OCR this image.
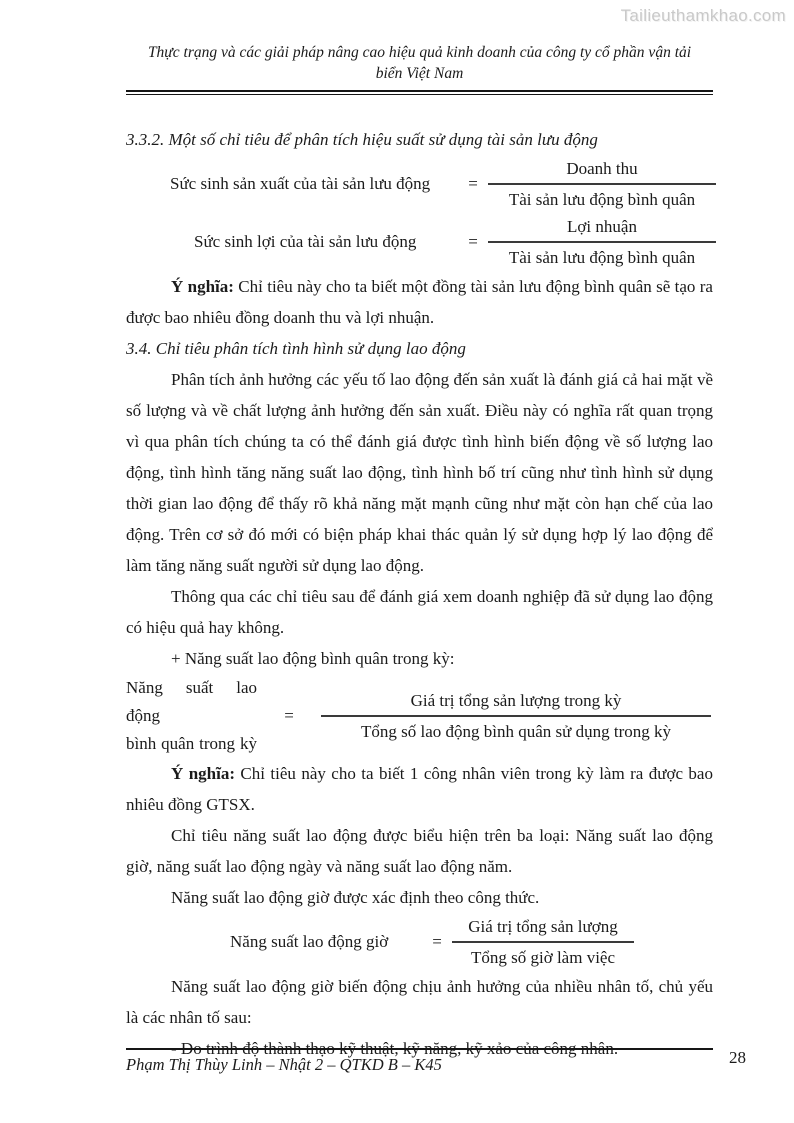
Tailieuthamkhao.com
Thực trạng và các giải pháp nâng cao hiệu quả kinh doanh của công ty cổ phần vận tải
biển Việt Nam
3.3.2. Một số chỉ tiêu để phân tích hiệu suất sử dụng tài sản lưu động
Sức sinh sản xuất của tài sản lưu động	= $\frac{\text{Doanh thu}}{\text{Tài sản lưu động bình quân}}$
Sức sinh lợi của tài sản lưu động	= $\frac{\text{Lợi nhuận}}{\text{Tài sản lưu động bình quân}}$
Ý nghĩa: Chỉ tiêu này cho ta biết một đồng tài sản lưu động bình quân sẽ tạo ra được bao nhiêu đồng doanh thu và lợi nhuận.
3.4. Chỉ tiêu phân tích tình hình sử dụng lao động
Phân tích ảnh hưởng các yếu tố lao động đến sản xuất là đánh giá cả hai mặt về số lượng và về chất lượng ảnh hưởng đến sản xuất. Điều này có nghĩa rất quan trọng vì qua phân tích chúng ta có thể đánh giá được tình hình biến động về số lượng lao động, tình hình tăng năng suất lao động, tình hình bố trí cũng như tình hình sử dụng thời gian lao động để thấy rõ khả năng mặt mạnh cũng như mặt còn hạn chế của lao động. Trên cơ sở đó mới có biện pháp khai thác quản lý sử dụng hợp lý lao động để làm tăng năng suất người sử dụng lao động.
Thông qua các chỉ tiêu sau để đánh giá xem doanh nghiệp đã sử dụng lao động có hiệu quả hay không.
+ Năng suất lao động bình quân trong kỳ:
Năng suất lao động
bình quân trong kỳ
= $\frac{\text{Giá trị tổng sản lượng trong kỳ}}{\text{Tổng số lao động bình quân sử dụng trong kỳ}}$
Ý nghĩa: Chỉ tiêu này cho ta biết 1 công nhân viên trong kỳ làm ra được bao nhiêu đồng GTSX.
Chỉ tiêu năng suất lao động được biểu hiện trên ba loại: Năng suất lao động giờ, năng suất lao động ngày và năng suất lao động năm.
Năng suất lao động giờ được xác định theo công thức.
Năng suất lao động giờ	= $\frac{\text{Giá trị tổng sản lượng}}{\text{Tổng số giờ làm việc}}$
Năng suất lao động giờ biến động chịu ảnh hưởng của nhiều nhân tố, chủ yếu là các nhân tố sau:
- Do trình độ thành thạo kỹ thuật, kỹ năng, kỹ xảo của công nhân.
Phạm Thị Thùy Linh – Nhật 2 – QTKD B – K45	28
